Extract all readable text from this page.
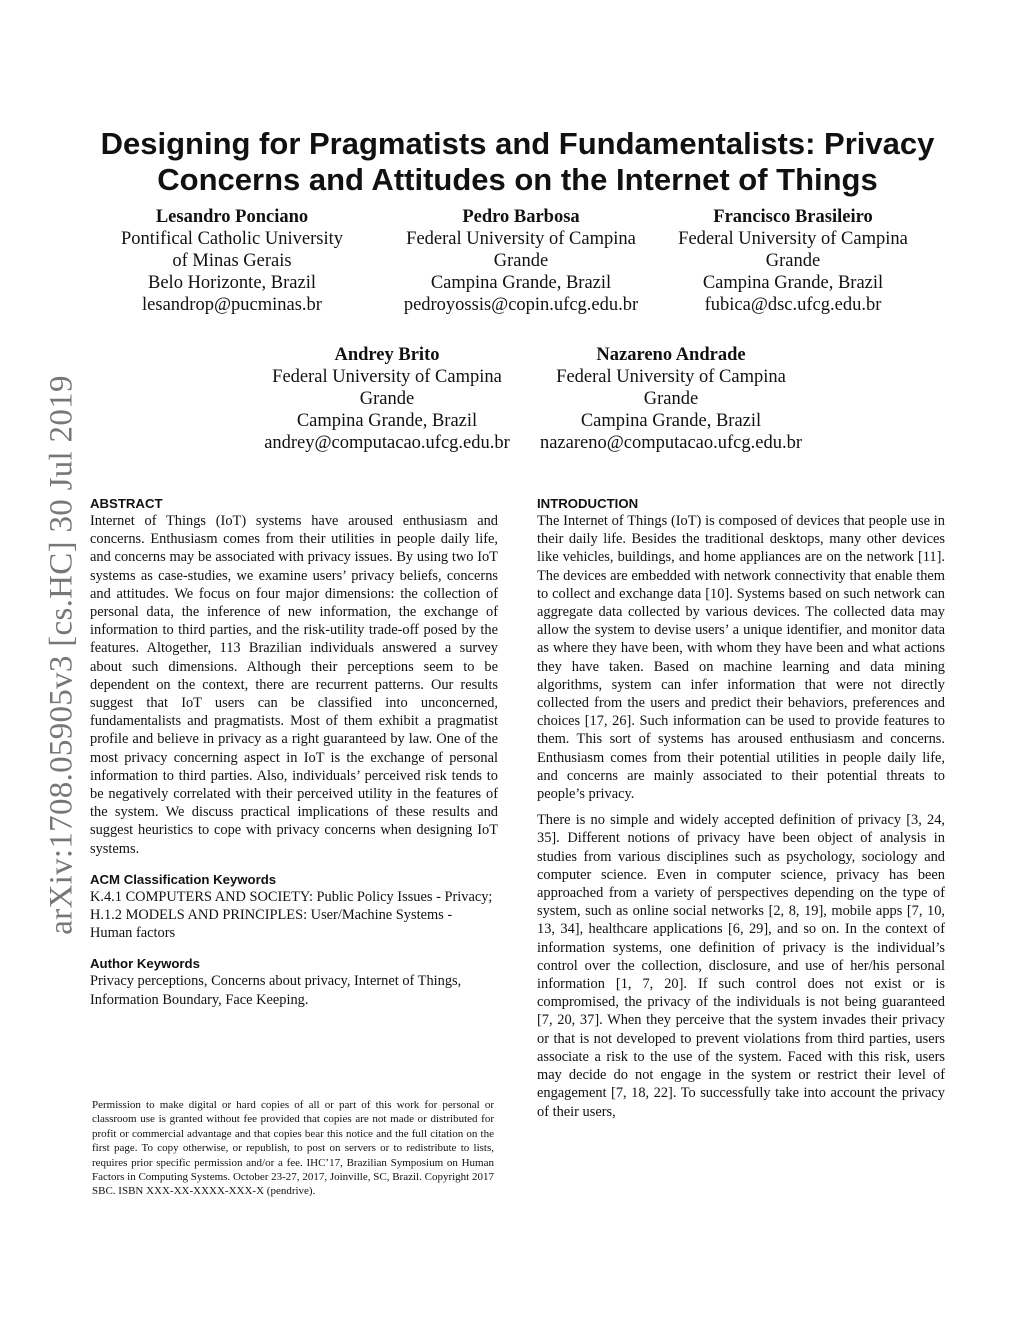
arXiv:1708.05905v3 [cs.HC] 30 Jul 2019
Designing for Pragmatists and Fundamentalists: Privacy
Concerns and Attitudes on the Internet of Things
Lesandro Ponciano
Pontifical Catholic University
of Minas Gerais
Belo Horizonte, Brazil
lesandrop@pucminas.br
Pedro Barbosa
Federal University of Campina
Grande
Campina Grande, Brazil
pedroyossis@copin.ufcg.edu.br
Francisco Brasileiro
Federal University of Campina
Grande
Campina Grande, Brazil
fubica@dsc.ufcg.edu.br
Andrey Brito
Federal University of Campina
Grande
Campina Grande, Brazil
andrey@computacao.ufcg.edu.br
Nazareno Andrade
Federal University of Campina
Grande
Campina Grande, Brazil
nazareno@computacao.ufcg.edu.br
ABSTRACT

Internet of Things (IoT) systems have aroused enthusiasm and concerns. Enthusiasm comes from their utilities in people daily life, and concerns may be associated with privacy issues. By using two IoT systems as case-studies, we examine users’ privacy beliefs, concerns and attitudes. We focus on four major dimensions: the collection of personal data, the inference of new information, the exchange of information to third parties, and the risk-utility trade-off posed by the features. Altogether, 113 Brazilian individuals answered a survey about such dimensions. Although their perceptions seem to be dependent on the context, there are recurrent patterns. Our results suggest that IoT users can be classified into unconcerned, fundamentalists and pragmatists. Most of them exhibit a pragmatist profile and believe in privacy as a right guaranteed by law. One of the most privacy concerning aspect in IoT is the exchange of personal information to third parties. Also, individuals’ perceived risk tends to be negatively correlated with their perceived utility in the features of the system. We discuss practical implications of these results and suggest heuristics to cope with privacy concerns when designing IoT systems.

ACM Classification Keywords

K.4.1 COMPUTERS AND SOCIETY: Public Policy Issues - Privacy; H.1.2 MODELS AND PRINCIPLES: User/Machine Systems - Human factors

Author Keywords

Privacy perceptions, Concerns about privacy, Internet of Things, Information Boundary, Face Keeping.

Permission to make digital or hard copies of all or part of this work for personal or classroom use is granted without fee provided that copies are not made or distributed for profit or commercial advantage and that copies bear this notice and the full citation on the first page. To copy otherwise, or republish, to post on servers or to redistribute to lists, requires prior specific permission and/or a fee. IHC’17, Brazilian Symposium on Human Factors in Computing Systems. October 23-27, 2017, Joinville, SC, Brazil. Copyright 2017 SBC. ISBN XXX-XX-XXXX-XXX-X (pendrive).
INTRODUCTION

The Internet of Things (IoT) is composed of devices that people use in their daily life. Besides the traditional desktops, many other devices like vehicles, buildings, and home appliances are on the network [11]. The devices are embedded with network connectivity that enable them to collect and exchange data [10]. Systems based on such network can aggregate data collected by various devices. The collected data may allow the system to devise users’ a unique identifier, and monitor data as where they have been, with whom they have been and what actions they have taken. Based on machine learning and data mining algorithms, system can infer information that were not directly collected from the users and predict their behaviors, preferences and choices [17, 26]. Such information can be used to provide features to them. This sort of systems has aroused enthusiasm and concerns. Enthusiasm comes from their potential utilities in people daily life, and concerns are mainly associated to their potential threats to people’s privacy.

There is no simple and widely accepted definition of privacy [3, 24, 35]. Different notions of privacy have been object of analysis in studies from various disciplines such as psychology, sociology and computer science. Even in computer science, privacy has been approached from a variety of perspectives depending on the type of system, such as online social networks [2, 8, 19], mobile apps [7, 10, 13, 34], healthcare applications [6, 29], and so on. In the context of information systems, one definition of privacy is the individual’s control over the collection, disclosure, and use of her/his personal information [1, 7, 20]. If such control does not exist or is compromised, the privacy of the individuals is not being guaranteed [7, 20, 37]. When they perceive that the system invades their privacy or that is not developed to prevent violations from third parties, users associate a risk to the use of the system. Faced with this risk, users may decide do not engage in the system or restrict their level of engagement [7, 18, 22]. To successfully take into account the privacy of their users,
